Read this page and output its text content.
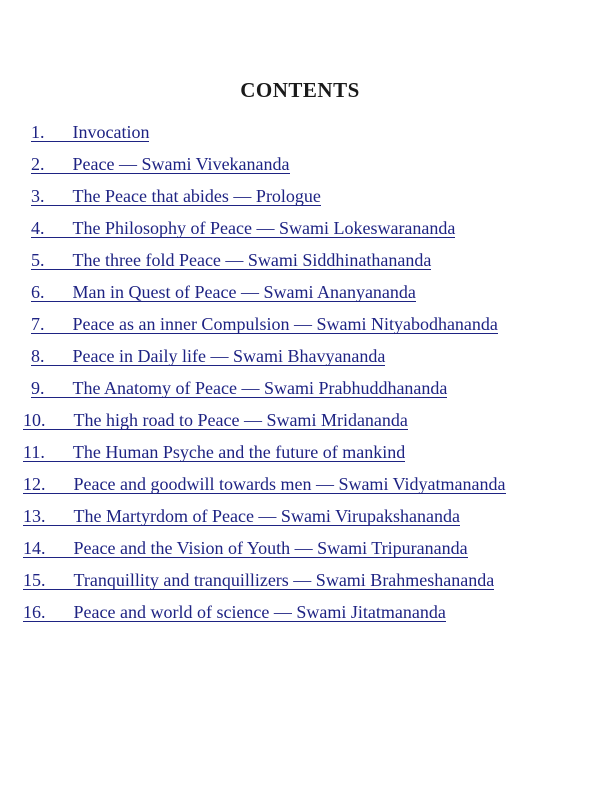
CONTENTS
1. Invocation
2. Peace — Swami Vivekananda
3. The Peace that abides — Prologue
4. The Philosophy of Peace — Swami Lokeswarananda
5. The three fold Peace — Swami Siddhinathananda
6. Man in Quest of Peace — Swami Ananyananda
7. Peace as an inner Compulsion — Swami Nityabodhananda
8. Peace in Daily life — Swami Bhavyananda
9. The Anatomy of Peace — Swami Prabhuddhananda
10. The high road to Peace — Swami Mridananda
11. The Human Psyche and the future of mankind
12. Peace and goodwill towards men — Swami Vidyatmananda
13. The Martyrdom of Peace — Swami Virupakshananda
14. Peace and the Vision of Youth — Swami Tripurananda
15. Tranquillity and tranquillizers — Swami Brahmeshananda
16. Peace and world of science — Swami Jitatmananda
